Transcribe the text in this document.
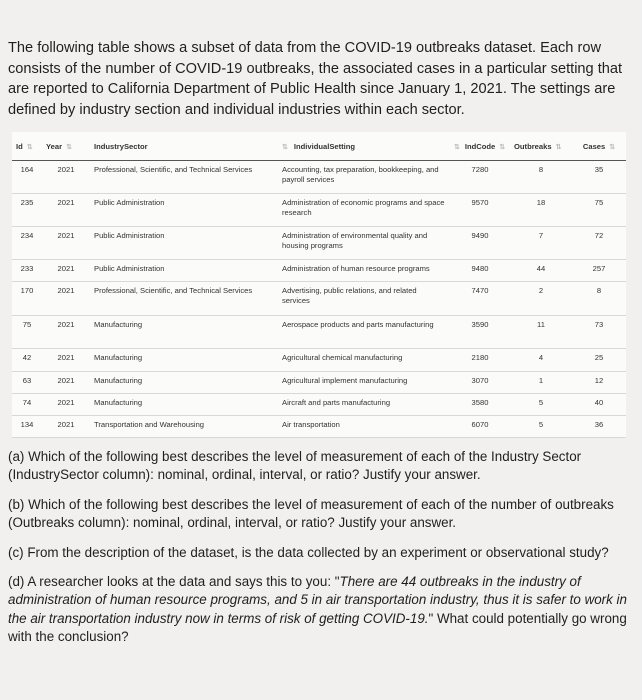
The following table shows a subset of data from the COVID-19 outbreaks dataset. Each row consists of the number of COVID-19 outbreaks, the associated cases in a particular setting that are reported to California Department of Public Health since January 1, 2021. The settings are defined by industry section and individual industries within each sector.

Id ⇅	Year ⇅	IndustrySector	⇅ IndividualSetting	⇅ IndCode ⇅	Outbreaks ⇅	Cases ⇅
164	2021	Professional, Scientific, and Technical Services	Accounting, tax preparation, bookkeeping, and payroll services	7280	8	35
235	2021	Public Administration	Administration of economic programs and space research	9570	18	75
234	2021	Public Administration	Administration of environmental quality and housing programs	9490	7	72
233	2021	Public Administration	Administration of human resource programs	9480	44	257
170	2021	Professional, Scientific, and Technical Services	Advertising, public relations, and related services	7470	2	8
75	2021	Manufacturing	Aerospace products and parts manufacturing	3590	11	73
42	2021	Manufacturing	Agricultural chemical manufacturing	2180	4	25
63	2021	Manufacturing	Agricultural implement manufacturing	3070	1	12
74	2021	Manufacturing	Aircraft and parts manufacturing	3580	5	40
134	2021	Transportation and Warehousing	Air transportation	6070	5	36

(a) Which of the following best describes the level of measurement of each of the Industry Sector (IndustrySector column): nominal, ordinal, interval, or ratio? Justify your answer.

(b) Which of the following best describes the level of measurement of each of the number of outbreaks (Outbreaks column): nominal, ordinal, interval, or ratio? Justify your answer.

(c) From the description of the dataset, is the data collected by an experiment or observational study?

(d) A researcher looks at the data and says this to you: "There are 44 outbreaks in the industry of administration of human resource programs, and 5 in air transportation industry, thus it is safer to work in the air transportation industry now in terms of risk of getting COVID-19." What could potentially go wrong with the conclusion?
